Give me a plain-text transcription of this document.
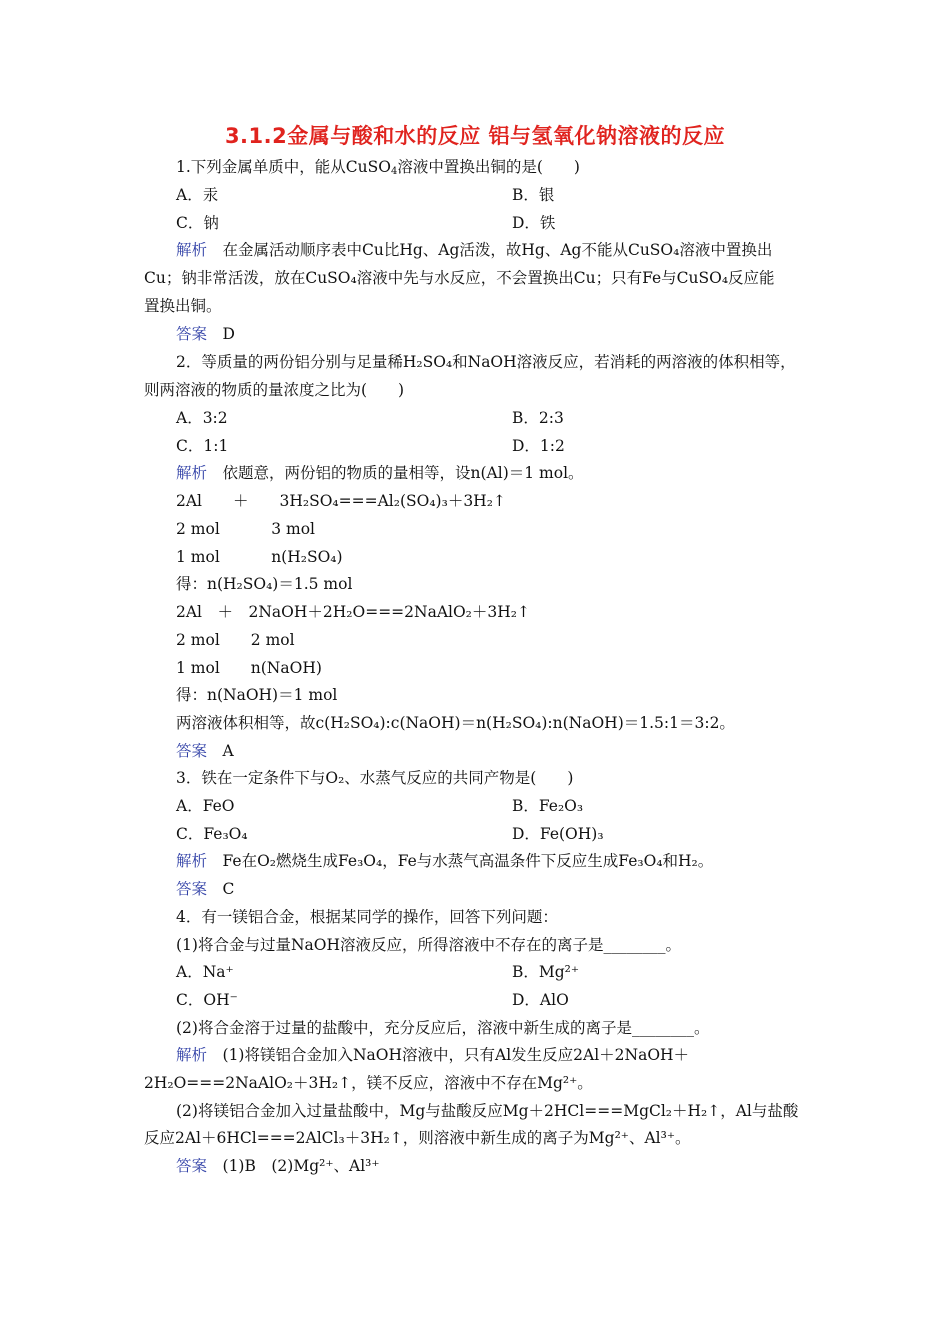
3.1.2金属与酸和水的反应 铝与氢氧化钠溶液的反应
1.下列金属单质中，能从CuSO$_4$溶液中置换出铜的是(　　)
A．汞	B．银
C．钠	D．铁
解析　在金属活动顺序表中Cu比Hg、Ag活泼，故Hg、Ag不能从CuSO₄溶液中置换出
Cu；钠非常活泼，放在CuSO₄溶液中先与水反应，不会置换出Cu；只有Fe与CuSO₄反应能
置换出铜。
答案　D
2．等质量的两份铝分别与足量稀H₂SO₄和NaOH溶液反应，若消耗的两溶液的体积相等，
则两溶液的物质的量浓度之比为(　　)
A．3:2	B．2:3
C．1:1	D．1:2
解析　依题意，两份铝的物质的量相等，设n(Al)＝1 mol。
2Al　　＋　　3H₂SO₄===Al₂(SO₄)₃＋3H₂↑
2 mol　　　 3 mol
1 mol　　　 n(H₂SO₄)
得：n(H₂SO₄)＝1.5 mol
2Al　＋　2NaOH＋2H₂O===2NaAlO₂＋3H₂↑
2 mol　　2 mol
1 mol　　n(NaOH)
得：n(NaOH)＝1 mol
两溶液体积相等，故c(H₂SO₄):c(NaOH)＝n(H₂SO₄):n(NaOH)＝1.5:1＝3:2。
答案　A
3．铁在一定条件下与O₂、水蒸气反应的共同产物是(　　)
A．FeO	B．Fe₂O₃
C．Fe₃O₄	D．Fe(OH)₃
解析　Fe在O₂燃烧生成Fe₃O₄，Fe与水蒸气高温条件下反应生成Fe₃O₄和H₂。
答案　C
4．有一镁铝合金，根据某同学的操作，回答下列问题：
(1)将合金与过量NaOH溶液反应，所得溶液中不存在的离子是________。
A．Na⁺	B．Mg²⁺
C．OH⁻	D．AlO
(2)将合金溶于过量的盐酸中，充分反应后，溶液中新生成的离子是________。
解析　(1)将镁铝合金加入NaOH溶液中，只有Al发生反应2Al＋2NaOH＋
2H₂O===2NaAlO₂＋3H₂↑，镁不反应，溶液中不存在Mg²⁺。
(2)将镁铝合金加入过量盐酸中，Mg与盐酸反应Mg＋2HCl===MgCl₂＋H₂↑，Al与盐酸
反应2Al＋6HCl===2AlCl₃＋3H₂↑，则溶液中新生成的离子为Mg²⁺、Al³⁺。
答案　(1)B　(2)Mg²⁺、Al³⁺
